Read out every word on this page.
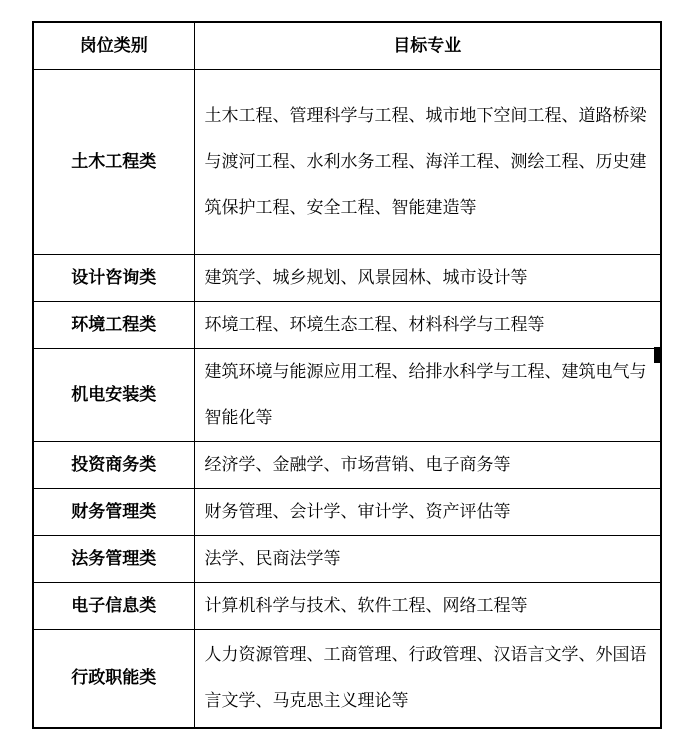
岗位类别	目标专业
土木工程类	土木工程、管理科学与工程、城市地下空间工程、道路桥梁与渡河工程、水利水务工程、海洋工程、测绘工程、历史建筑保护工程、安全工程、智能建造等
设计咨询类	建筑学、城乡规划、风景园林、城市设计等
环境工程类	环境工程、环境生态工程、材料科学与工程等
机电安装类	建筑环境与能源应用工程、给排水科学与工程、建筑电气与智能化等
投资商务类	经济学、金融学、市场营销、电子商务等
财务管理类	财务管理、会计学、审计学、资产评估等
法务管理类	法学、民商法学等
电子信息类	计算机科学与技术、软件工程、网络工程等
行政职能类	人力资源管理、工商管理、行政管理、汉语言文学、外国语言文学、马克思主义理论等
